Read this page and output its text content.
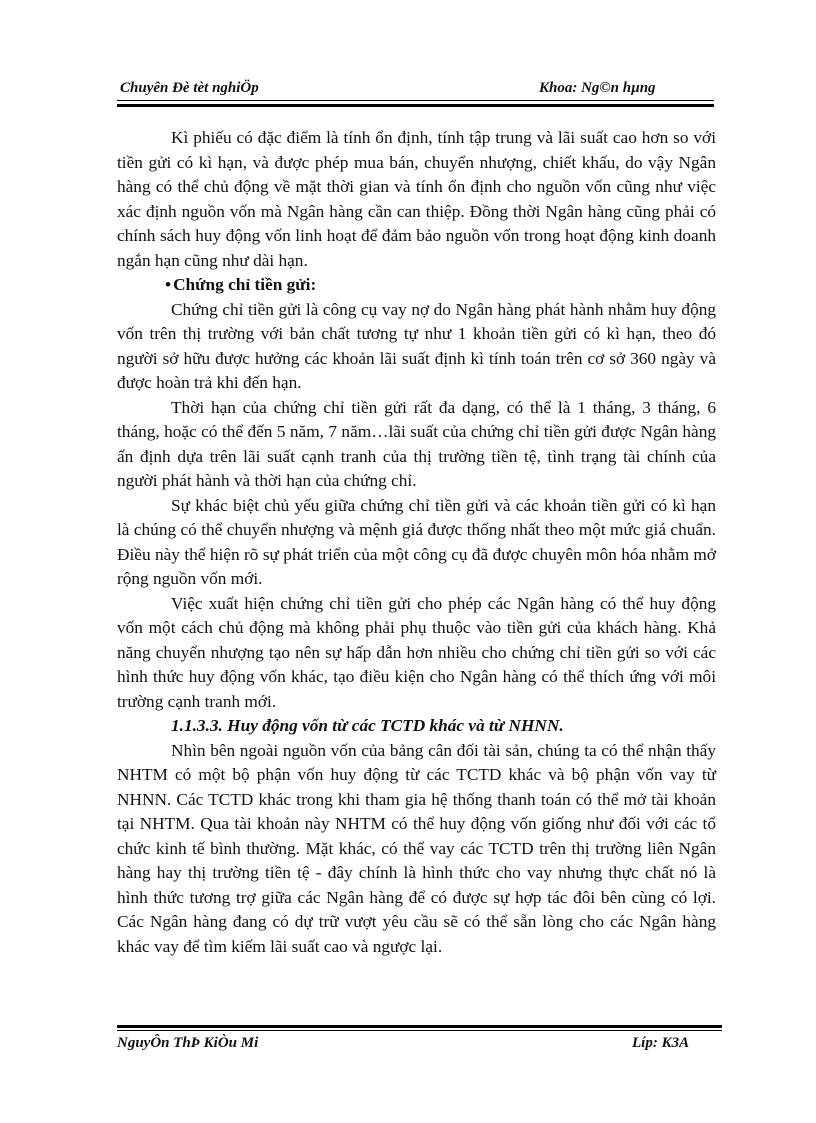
Chuyên Ðè tèt nghiÖp	Khoa: Ng©n hµng

Kì phiếu có đặc điểm là tính ổn định, tính tập trung và lãi suất cao hơn so với tiền gửi có kì hạn, và được phép mua bán, chuyển nhượng, chiết khấu, do vậy Ngân hàng có thể chủ động về mặt thời gian và tính ổn định cho nguồn vốn cũng như việc xác định nguồn vốn mà Ngân hàng cần can thiệp. Đồng thời Ngân hàng cũng phải có chính sách huy động vốn linh hoạt để đảm bảo nguồn vốn trong hoạt động kinh doanh ngắn hạn cũng như dài hạn.

• Chứng chỉ tiền gửi:

Chứng chỉ tiền gửi là công cụ vay nợ do Ngân hàng phát hành nhằm huy động vốn trên thị trường với bản chất tương tự như 1 khoản tiền gửi có kì hạn, theo đó người sở hữu được hưởng các khoản lãi suất định kì tính toán trên cơ sở 360 ngày và được hoàn trả khi đến hạn.

Thời hạn của chứng chỉ tiền gửi rất đa dạng, có thể là 1 tháng, 3 tháng, 6 tháng, hoặc có thể đến 5 năm, 7 năm…lãi suất của chứng chỉ tiền gửi được Ngân hàng ấn định dựa trên lãi suất cạnh tranh của thị trường tiền tệ, tình trạng tài chính của người phát hành và thời hạn của chứng chỉ.

Sự khác biệt chủ yếu giữa chứng chỉ tiền gửi và các khoản tiền gửi có kì hạn là chúng có thể chuyển nhượng và mệnh giá được thống nhất theo một mức giá chuẩn. Điều này thể hiện rõ sự phát triển của một công cụ đã được chuyên môn hóa nhằm mở rộng nguồn vốn mới.

Việc xuất hiện chứng chỉ tiền gửi cho phép các Ngân hàng có thể huy động vốn một cách chủ động mà không phải phụ thuộc vào tiền gửi của khách hàng. Khả năng chuyển nhượng tạo nên sự hấp dẫn hơn nhiều cho chứng chỉ tiền gửi so với các hình thức huy động vốn khác, tạo điều kiện cho Ngân hàng có thể thích ứng với môi trường cạnh tranh mới.

1.1.3.3. Huy động vốn từ các TCTD khác và từ NHNN.

Nhìn bên ngoài nguồn vốn của bảng cân đối tài sản, chúng ta có thể nhận thấy NHTM có một bộ phận vốn huy động từ các TCTD khác và bộ phận vốn vay từ NHNN. Các TCTD khác trong khi tham gia hệ thống thanh toán có thể mở tài khoản tại NHTM. Qua tài khoản này NHTM có thể huy động vốn giống như đối với các tổ chức kinh tế bình thường. Mặt khác, có thể vay các TCTD trên thị trường liên Ngân hàng hay thị trường tiền tệ - đây chính là hình thức cho vay nhưng thực chất nó là hình thức tương trợ giữa các Ngân hàng để có được sự hợp tác đôi bên cùng có lợi. Các Ngân hàng đang có dự trữ vượt yêu cầu sẽ có thể sẵn lòng cho các Ngân hàng khác vay để tìm kiếm lãi suất cao và ngược lại.

NguyÔn ThÞ KiÒu Mi	Líp: K3A
